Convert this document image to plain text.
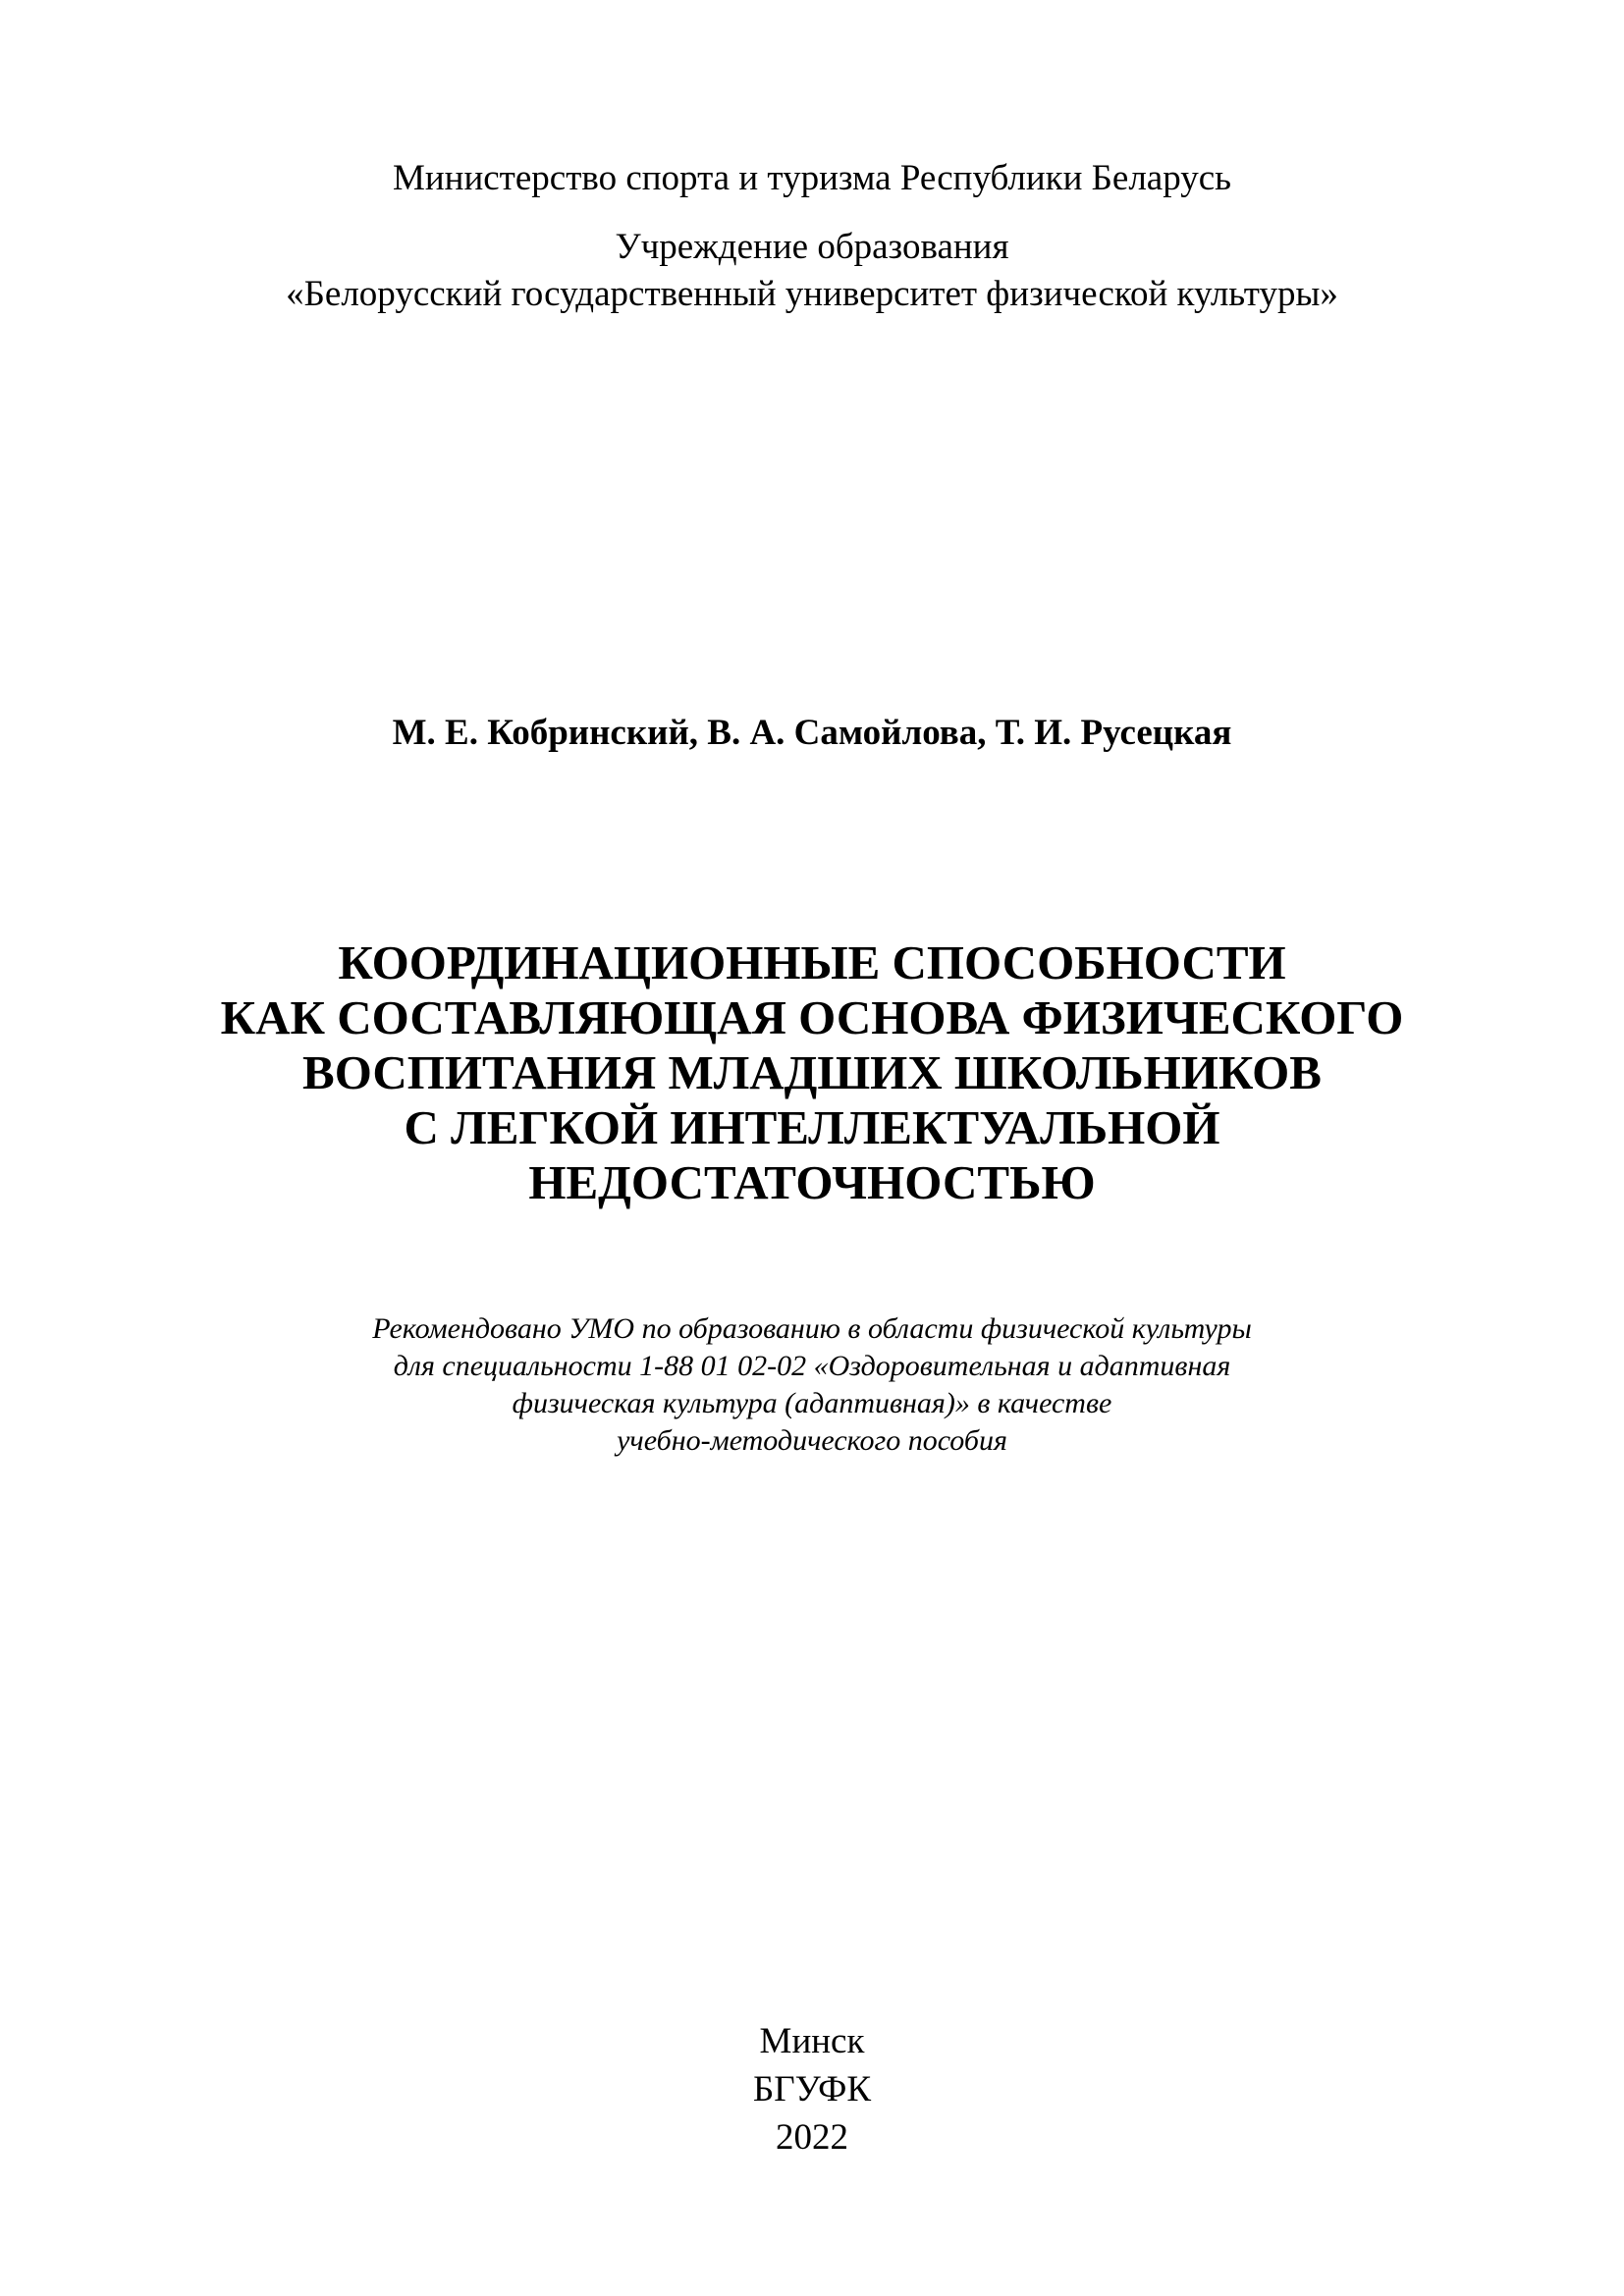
Министерство спорта и туризма Республики Беларусь
Учреждение образования
«Белорусский государственный университет физической культуры»
М. Е. Кобринский, В. А. Самойлова, Т. И. Русецкая
КООРДИНАЦИОННЫЕ СПОСОБНОСТИ
КАК СОСТАВЛЯЮЩАЯ ОСНОВА ФИЗИЧЕСКОГО
ВОСПИТАНИЯ МЛАДШИХ ШКОЛЬНИКОВ
С ЛЕГКОЙ ИНТЕЛЛЕКТУАЛЬНОЙ
НЕДОСТАТОЧНОСТЬЮ
Рекомендовано УМО по образованию в области физической культуры
для специальности 1-88 01 02-02 «Оздоровительная и адаптивная
физическая культура (адаптивная)» в качестве
учебно-методического пособия
Минск
БГУФК
2022
